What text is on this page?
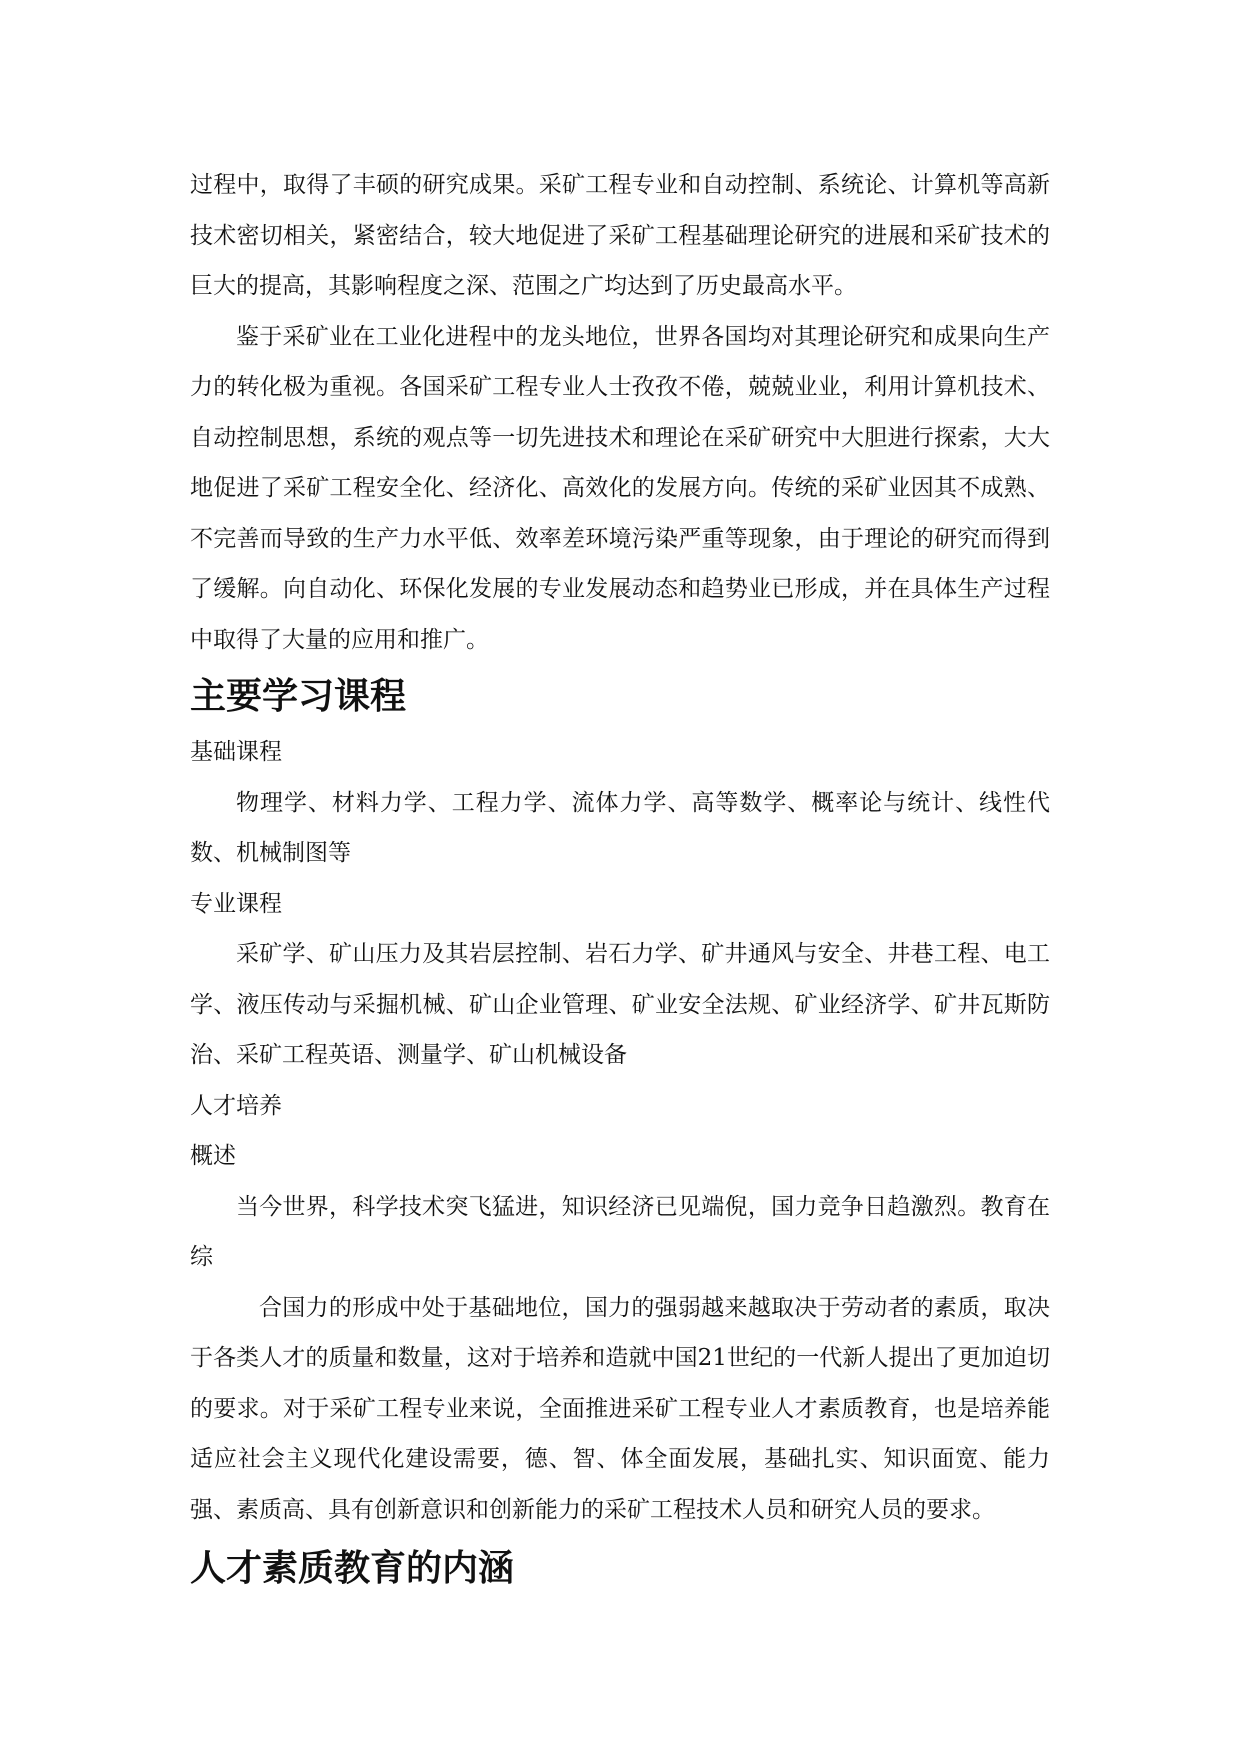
过程中，取得了丰硕的研究成果。采矿工程专业和自动控制、系统论、计算机等高新技术密切相关，紧密结合，较大地促进了采矿工程基础理论研究的进展和采矿技术的巨大的提高，其影响程度之深、范围之广均达到了历史最高水平。

鉴于采矿业在工业化进程中的龙头地位，世界各国均对其理论研究和成果向生产力的转化极为重视。各国采矿工程专业人士孜孜不倦，兢兢业业，利用计算机技术、自动控制思想，系统的观点等一切先进技术和理论在采矿研究中大胆进行探索，大大地促进了采矿工程安全化、经济化、高效化的发展方向。传统的采矿业因其不成熟、不完善而导致的生产力水平低、效率差环境污染严重等现象，由于理论的研究而得到了缓解。向自动化、环保化发展的专业发展动态和趋势业已形成，并在具体生产过程中取得了大量的应用和推广。

主要学习课程

基础课程

物理学、材料力学、工程力学、流体力学、高等数学、概率论与统计、线性代数、机械制图等

专业课程

采矿学、矿山压力及其岩层控制、岩石力学、矿井通风与安全、井巷工程、电工学、液压传动与采掘机械、矿山企业管理、矿业安全法规、矿业经济学、矿井瓦斯防治、采矿工程英语、测量学、矿山机械设备

人才培养

概述

当今世界，科学技术突飞猛进，知识经济已见端倪，国力竞争日趋激烈。教育在综

合国力的形成中处于基础地位，国力的强弱越来越取决于劳动者的素质，取决于各类人才的质量和数量，这对于培养和造就中国21世纪的一代新人提出了更加迫切的要求。对于采矿工程专业来说，全面推进采矿工程专业人才素质教育，也是培养能适应社会主义现代化建设需要，德、智、体全面发展，基础扎实、知识面宽、能力强、素质高、具有创新意识和创新能力的采矿工程技术人员和研究人员的要求。

人才素质教育的内涵
